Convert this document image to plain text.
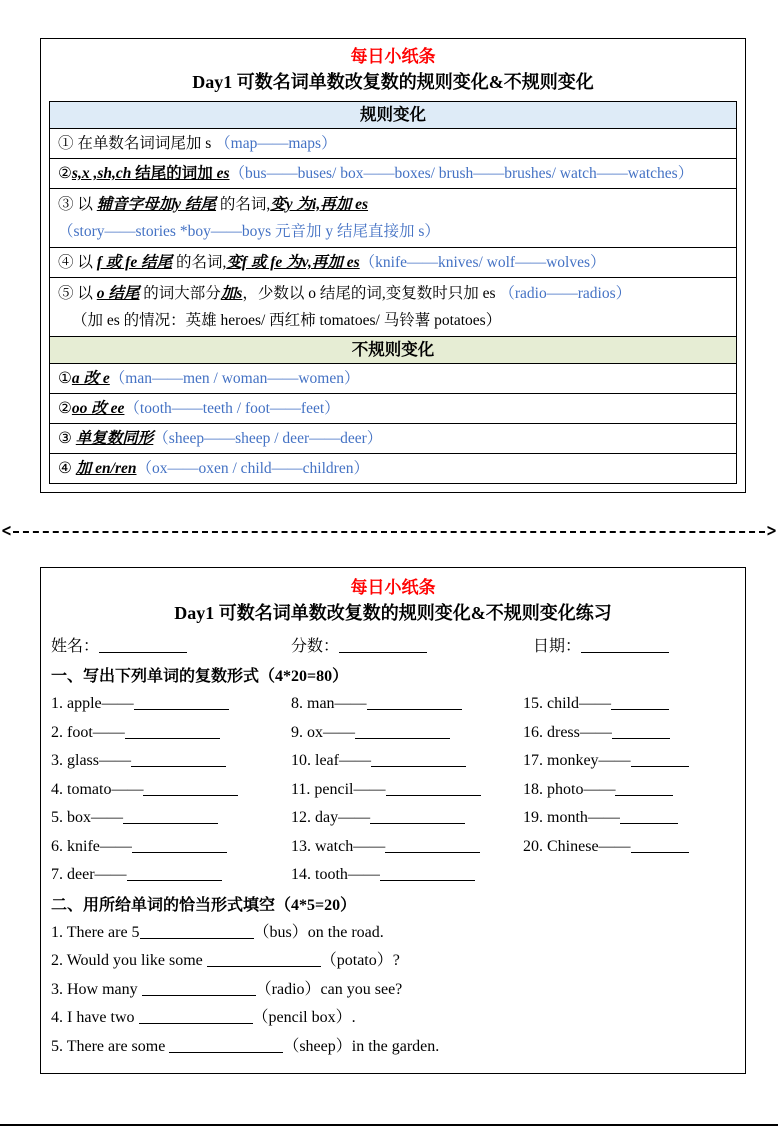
每日小纸条
Day1 可数名词单数改复数的规则变化&不规则变化
规则变化
① 在单数名词词尾加 s （map——maps）
②s,x ,sh,ch 结尾的词加 es（bus——buses/ box——boxes/ brush——brushes/ watch——watches）
③ 以 辅音字母加y 结尾 的名词,变y 为i,再加 es
（story——stories *boy——boys 元音加 y 结尾直接加 s）
④ 以 f 或 fe 结尾 的名词,变f 或 fe 为v,再加 es（knife——knives/ wolf——wolves）
⑤ 以 o 结尾 的词大部分加s，少数以 o 结尾的词,变复数时只加 es （radio——radios）
（加 es 的情况：英雄 heroes/ 西红柿 tomatoes/ 马铃薯 potatoes）
不规则变化
①a 改 e（man——men / woman——women）
②oo 改 ee（tooth——teeth / foot——feet）
③ 单复数同形（sheep——sheep / deer——deer）
④ 加 en/ren（ox——oxen / child——children）
<	>
每日小纸条
Day1 可数名词单数改复数的规则变化&不规则变化练习
姓名：	分数：	日期：
一、写出下列单词的复数形式（4*20=80）
1. apple——
2. foot——
3. glass——
4. tomato——
5. box——
6. knife——
7. deer——
8. man——
9. ox——
10. leaf——
11. pencil——
12. day——
13. watch——
14. tooth——
15. child——
16. dress——
17. monkey——
18. photo——
19. month——
20. Chinese——
二、用所给单词的恰当形式填空（4*5=20）
1. There are 5	（bus）on the road.
2. Would you like some	（potato）?
3. How many	（radio）can you see?
4. I have two	（pencil box）.
5. There are some	（sheep）in the garden.
